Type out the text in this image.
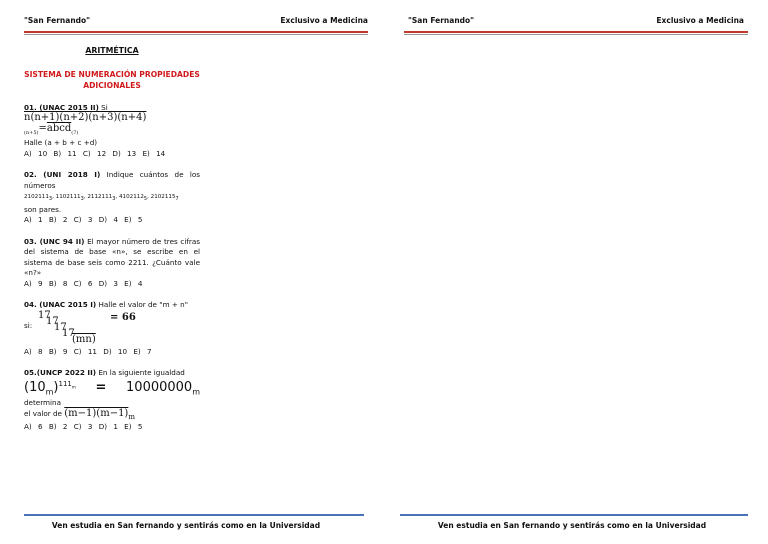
"San Fernando"	Exclusivo a Medicina
ARITMÉTICA
SISTEMA DE NUMERACIÓN PROPIEDADES ADICIONALES
01. (UNAC 2015 II) Si
$n(n+1)(n+2)(n+3)(n+4)_{(n+5)}=abcd_{(7)}$
Halle (a + b + c +d)
A) 10 B) 11 C) 12 D) 13 E) 14
02. (UNI 2018 I) Indique cuántos de los números
$2102111_3$, $1102111_3$, $2112111_3$, $4102112_5$, $2102115_7$
son pares.
A) 1 B) 2 C) 3 D) 4 E) 5
03. (UNC 94 II) El mayor número de tres cifras del sistema de base «n», se escribe en el sistema de base seis como 2211. ¿Cuánto vale «n?»
A) 9 B) 8 C) 6 D) 3 E) 4
04. (UNAC 2015 I) Halle el valor de "m + n"

si:
17
17
17
17
(mn)
= 66
A) 8 B) 9 C) 11 D) 10 E) 7
05.(UNCP 2022 II) En la siguiente igualdad
$(10_m)^{111_m} = 10000000_m$ determina
el valor de $(m-1)(m-1)_m$
A) 6 B) 2 C) 3 D) 1 E) 5
Ven estudia en San fernando y sentirás como en la Universidad
"San Fernando"	Exclusivo a Medicina
Ven estudia en San fernando y sentirás como en la Universidad
